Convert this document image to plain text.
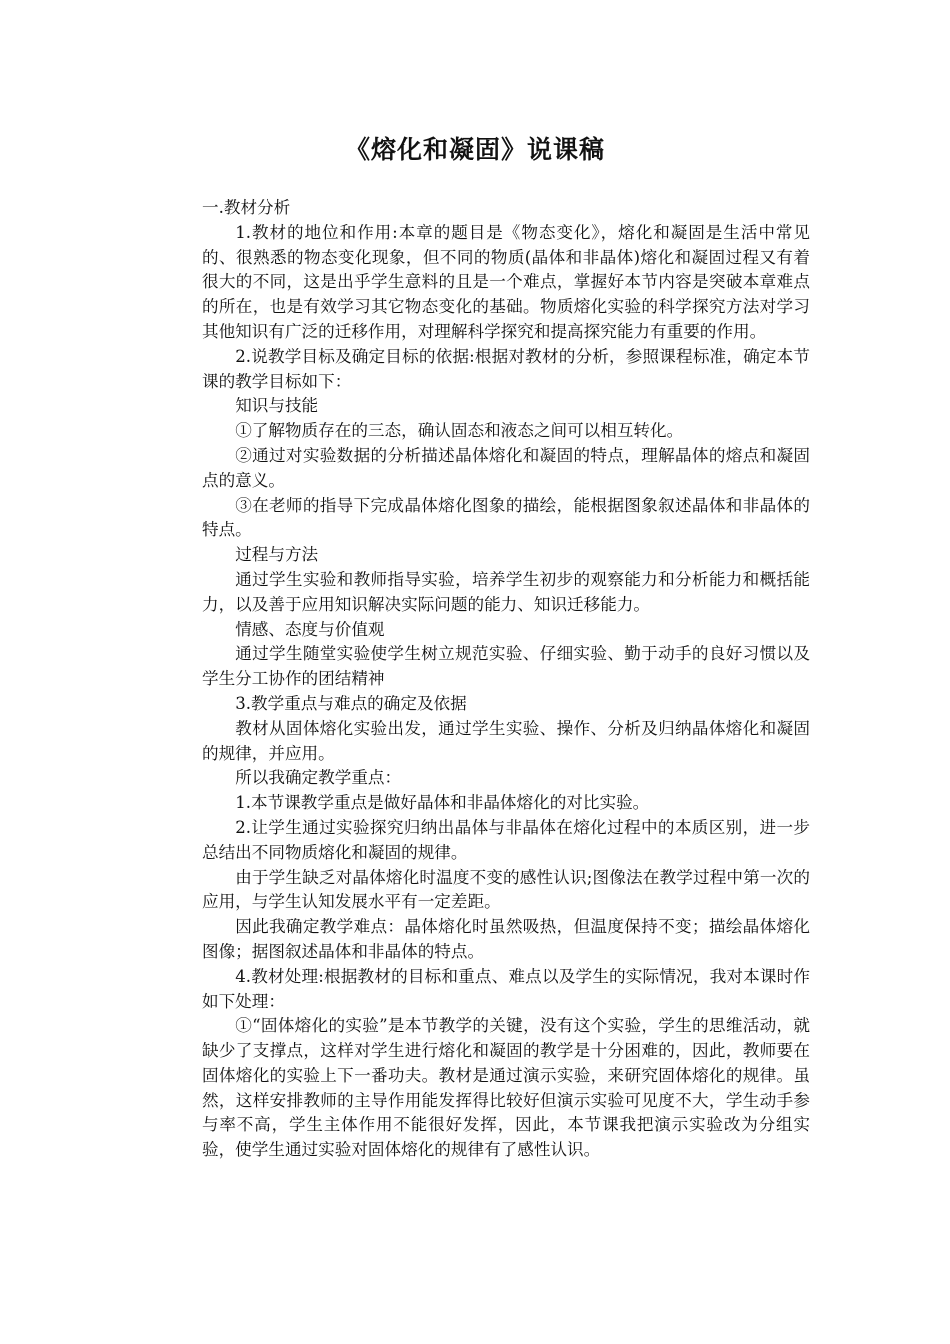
《熔化和凝固》说课稿

一.教材分析

1.教材的地位和作用:本章的题目是《物态变化》，熔化和凝固是生活中常见的、很熟悉的物态变化现象，但不同的物质(晶体和非晶体)熔化和凝固过程又有着很大的不同，这是出乎学生意料的且是一个难点，掌握好本节内容是突破本章难点的所在，也是有效学习其它物态变化的基础。物质熔化实验的科学探究方法对学习其他知识有广泛的迁移作用，对理解科学探究和提高探究能力有重要的作用。

2.说教学目标及确定目标的依据:根据对教材的分析，参照课程标准，确定本节课的教学目标如下：

知识与技能

①了解物质存在的三态，确认固态和液态之间可以相互转化。

②通过对实验数据的分析描述晶体熔化和凝固的特点，理解晶体的熔点和凝固点的意义。

③在老师的指导下完成晶体熔化图象的描绘，能根据图象叙述晶体和非晶体的特点。

过程与方法

通过学生实验和教师指导实验，培养学生初步的观察能力和分析能力和概括能力，以及善于应用知识解决实际问题的能力、知识迁移能力。

情感、态度与价值观

通过学生随堂实验使学生树立规范实验、仔细实验、勤于动手的良好习惯以及学生分工协作的团结精神

3.教学重点与难点的确定及依据

教材从固体熔化实验出发，通过学生实验、操作、分析及归纳晶体熔化和凝固的规律，并应用。

所以我确定教学重点：

1.本节课教学重点是做好晶体和非晶体熔化的对比实验。

2.让学生通过实验探究归纳出晶体与非晶体在熔化过程中的本质区别，进一步总结出不同物质熔化和凝固的规律。

由于学生缺乏对晶体熔化时温度不变的感性认识;图像法在教学过程中第一次的应用，与学生认知发展水平有一定差距。

因此我确定教学难点：晶体熔化时虽然吸热，但温度保持不变；描绘晶体熔化图像；据图叙述晶体和非晶体的特点。

4.教材处理:根据教材的目标和重点、难点以及学生的实际情况，我对本课时作如下处理：

①“固体熔化的实验”是本节教学的关键，没有这个实验，学生的思维活动，就缺少了支撑点，这样对学生进行熔化和凝固的教学是十分困难的，因此，教师要在固体熔化的实验上下一番功夫。教材是通过演示实验，来研究固体熔化的规律。虽然，这样安排教师的主导作用能发挥得比较好但演示实验可见度不大，学生动手参与率不高，学生主体作用不能很好发挥，因此，本节课我把演示实验改为分组实验，使学生通过实验对固体熔化的规律有了感性认识。
